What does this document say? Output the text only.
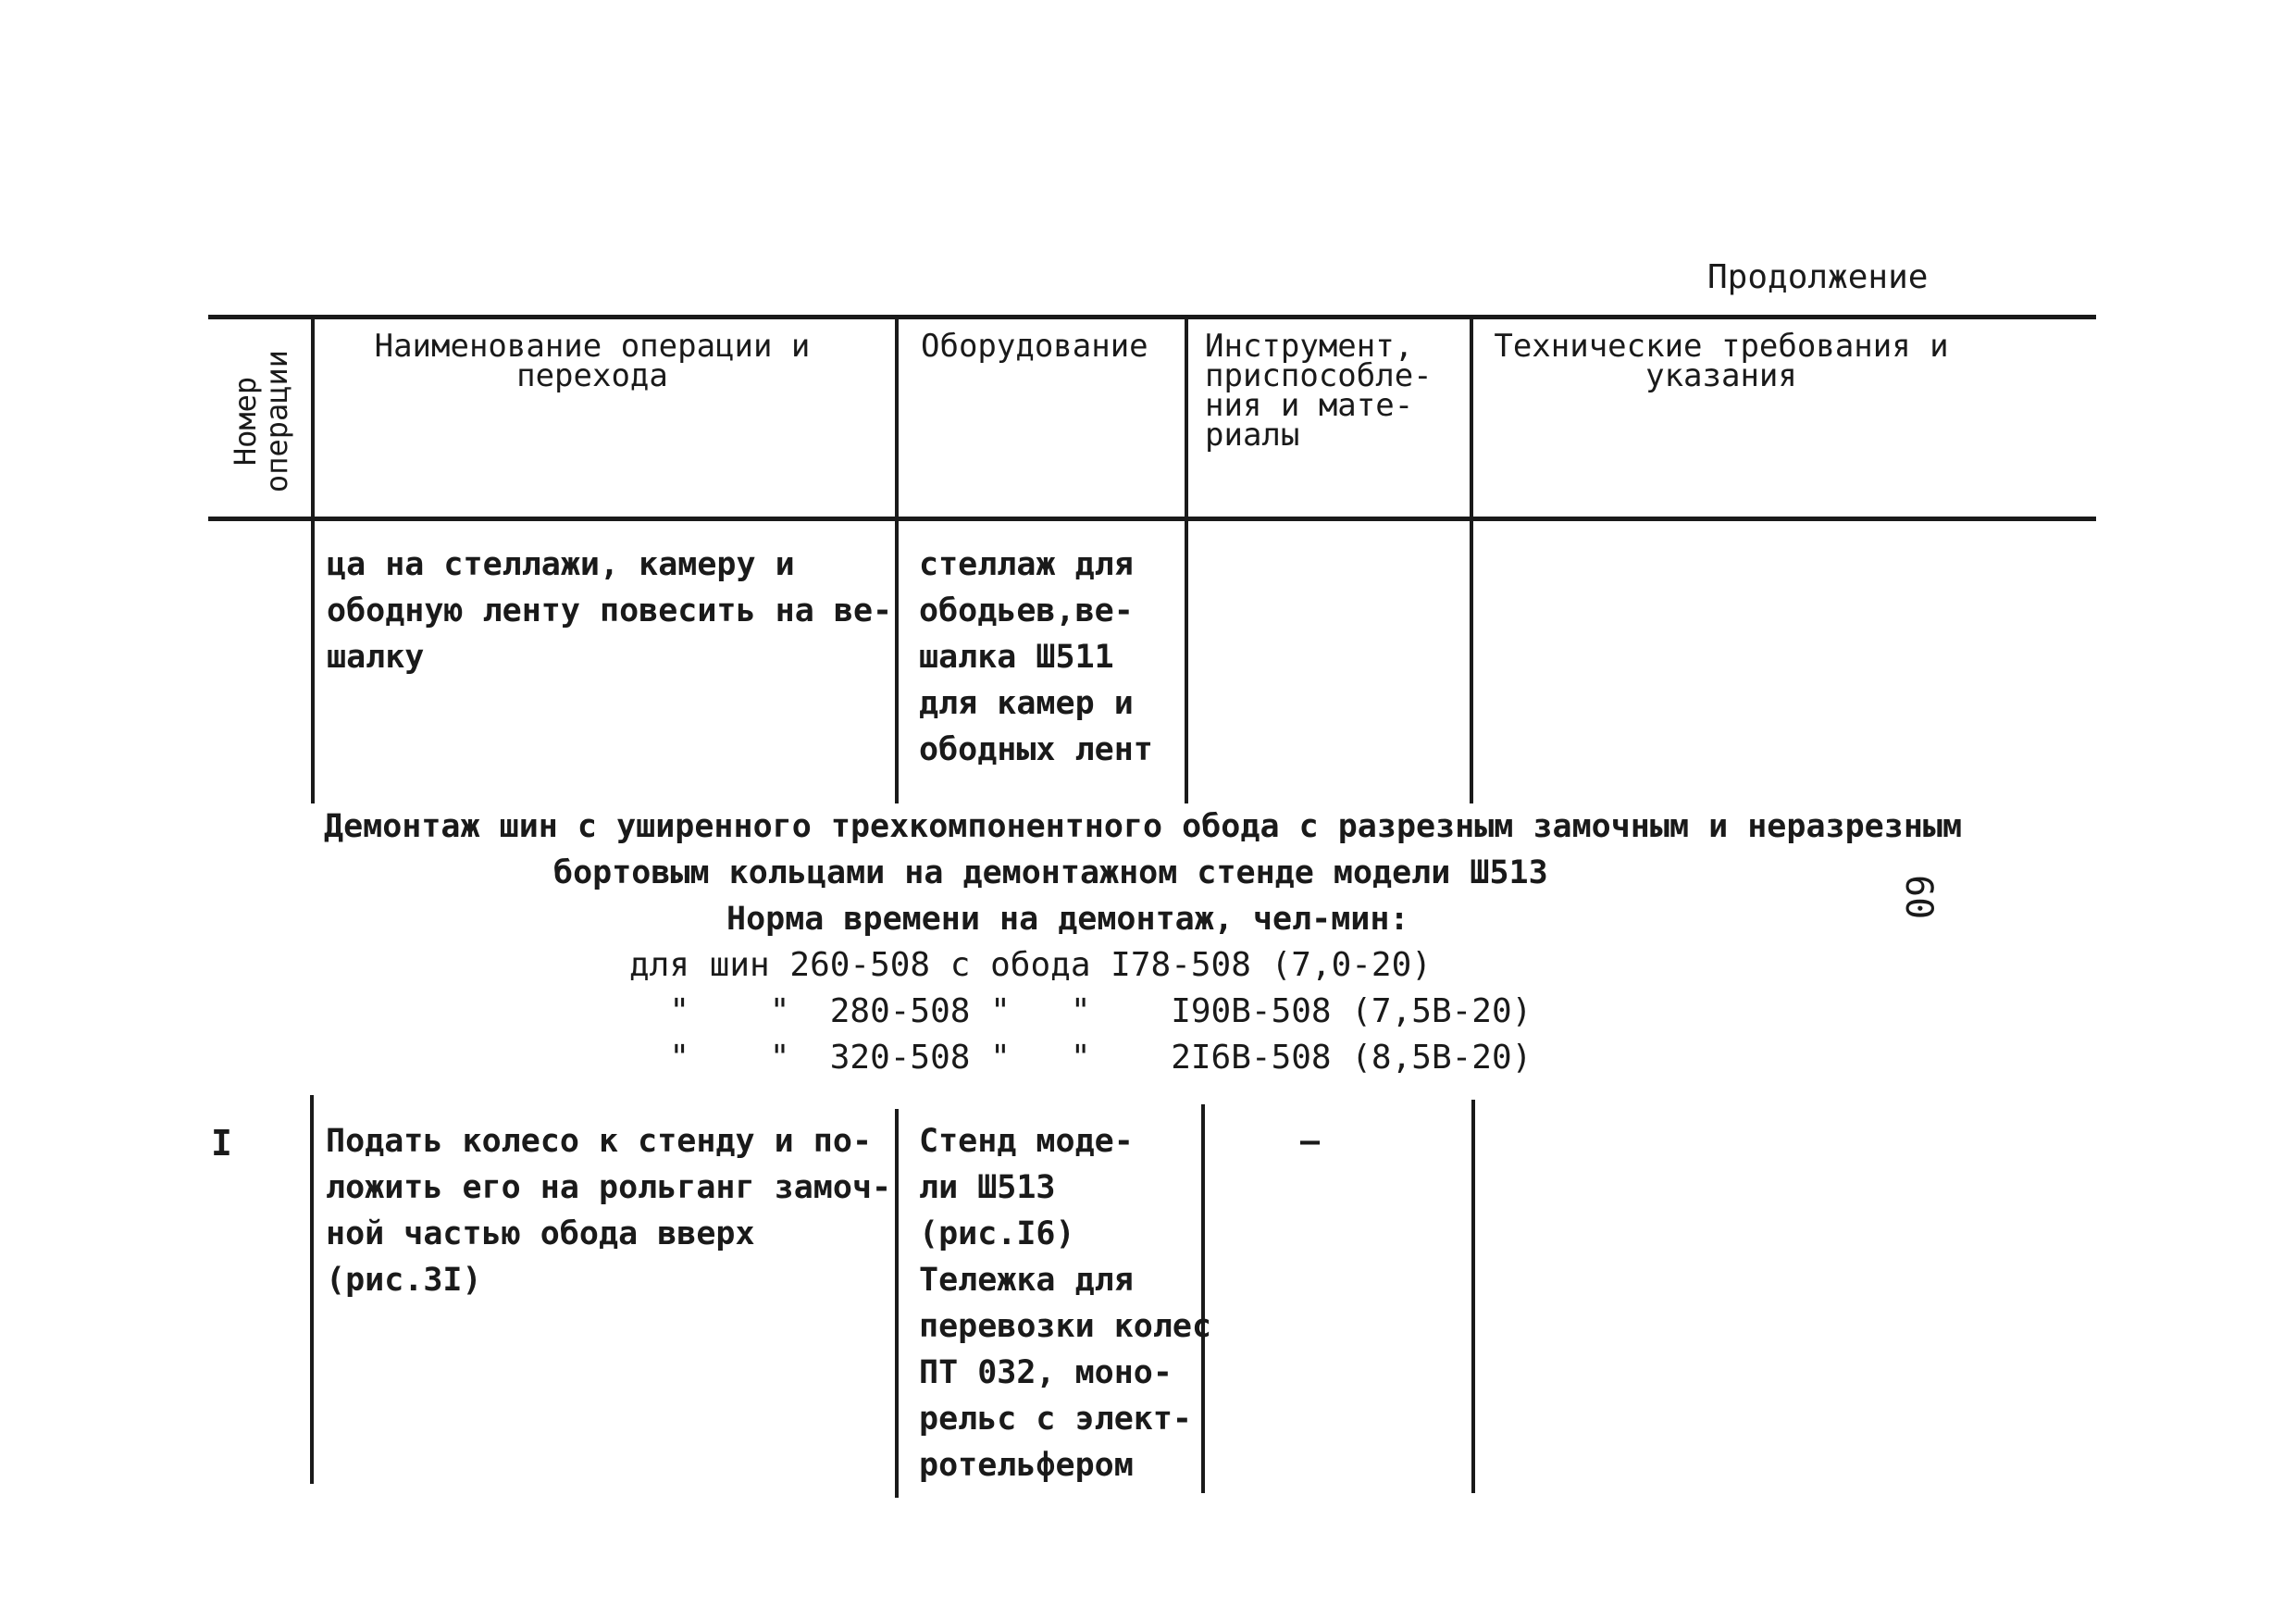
Продолжение
60
Номер
операции
Наименование операции и
перехода
Оборудование Инструмент,
приспособле-
ния и мате-
риалы
Технические требования и
указания
ца на стеллажи, камеру и
ободную ленту повесить на ве-
шалку
стеллаж для
ободьев,ве-
шалка Ш511
для камер и
ободных лент
Демонтаж шин с уширенного трехкомпонентного обода с разрезным замочным и неразрезным
бортовым кольцами на демонтажном стенде модели Ш513
Норма времени на демонтаж, чел-мин:
для шин 260-508 с обода I78-508 (7,0-20)
"    "  280-508 "   "    I90B-508 (7,5B-20)
"    "  320-508 "   "    2I6B-508 (8,5B-20)
I	Подать колесо к стенду и по-
ложить его на рольганг замоч-
ной частью обода вверх
(рис.3I)
Стенд моде-
ли Ш513
(рис.I6)
Тележка для
перевозки колес
ПТ 032, моно-
рельс с элект-
ротельфером
–
